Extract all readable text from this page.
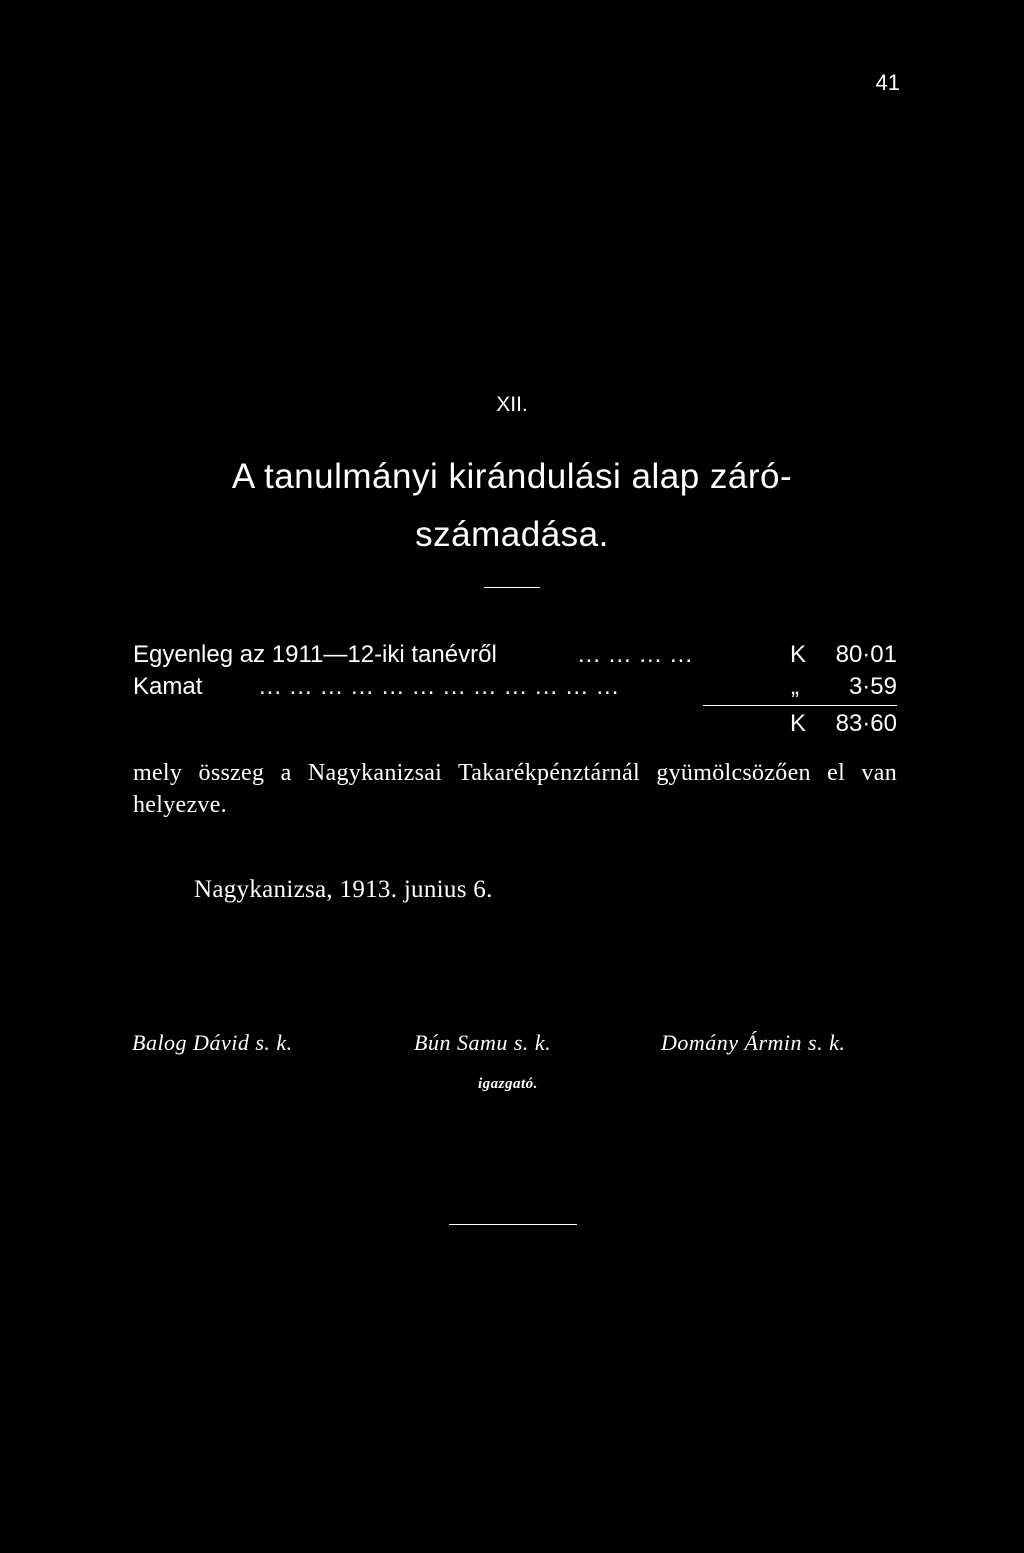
41
XII.
A tanulmányi kirándulási alap záró-
számadása.
Egyenleg az 1911—12-iki tanévről	... ... ... ...	K 80·01
Kamat ... ... ... ... ... ... ... ... ... ... ... ...	„ 3·59
K 83·60
mely összeg a Nagykanizsai Takarékpénztárnál gyümölcsözően el van helyezve.
Nagykanizsa, 1913. junius 6.
Balog Dávid s. k.	Bún Samu s. k.	Domány Ármin s. k.
igazgató.
